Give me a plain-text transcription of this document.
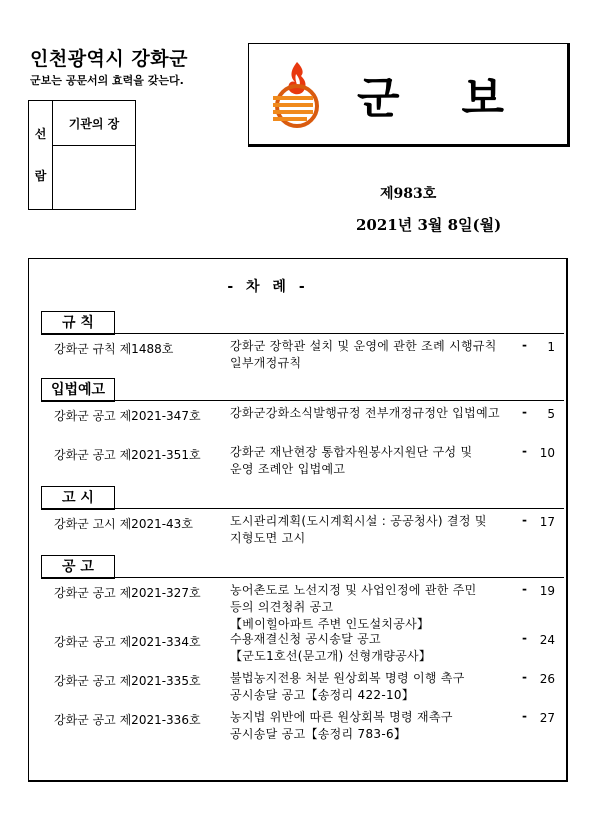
인천광역시 강화군
군보는 공문서의 효력을 갖는다.
선
람
기관의 장	군보
제983호
2021년 3월 8일(월)
- 차 례 -
규 칙
강화군 규칙 제1488호	강화군 장학관 설치 및 운영에 관한 조례 시행규칙
일부개정규칙
-	1
입법예고
강화군 공고 제2021-347호 강화군강화소식발행규정 전부개정규정안 입법예고	-	5
강화군 공고 제2021-351호 강화군 재난현장 통합자원봉사지원단 구성 및
운영 조례안 입법예고
-	10
고 시
강화군 고시 제2021-43호	도시관리계획(도시계획시설 : 공공청사) 결정 및
지형도면 고시
-	17
공 고
강화군 공고 제2021-327호 농어촌도로 노선지정 및 사업인정에 관한 주민
등의 의견청취 공고
【베이힐아파트 주변 인도설치공사】
-	19
강화군 공고 제2021-334호 수용재결신청 공시송달 공고
【군도1호선(문고개) 선형개량공사】
-	24
강화군 공고 제2021-335호 불법농지전용 처분 원상회복 명령 이행 촉구
공시송달 공고【송정리 422-10】
-	26
강화군 공고 제2021-336호 농지법 위반에 따른 원상회복 명령 재촉구
공시송달 공고【송정리 783-6】
-	27
